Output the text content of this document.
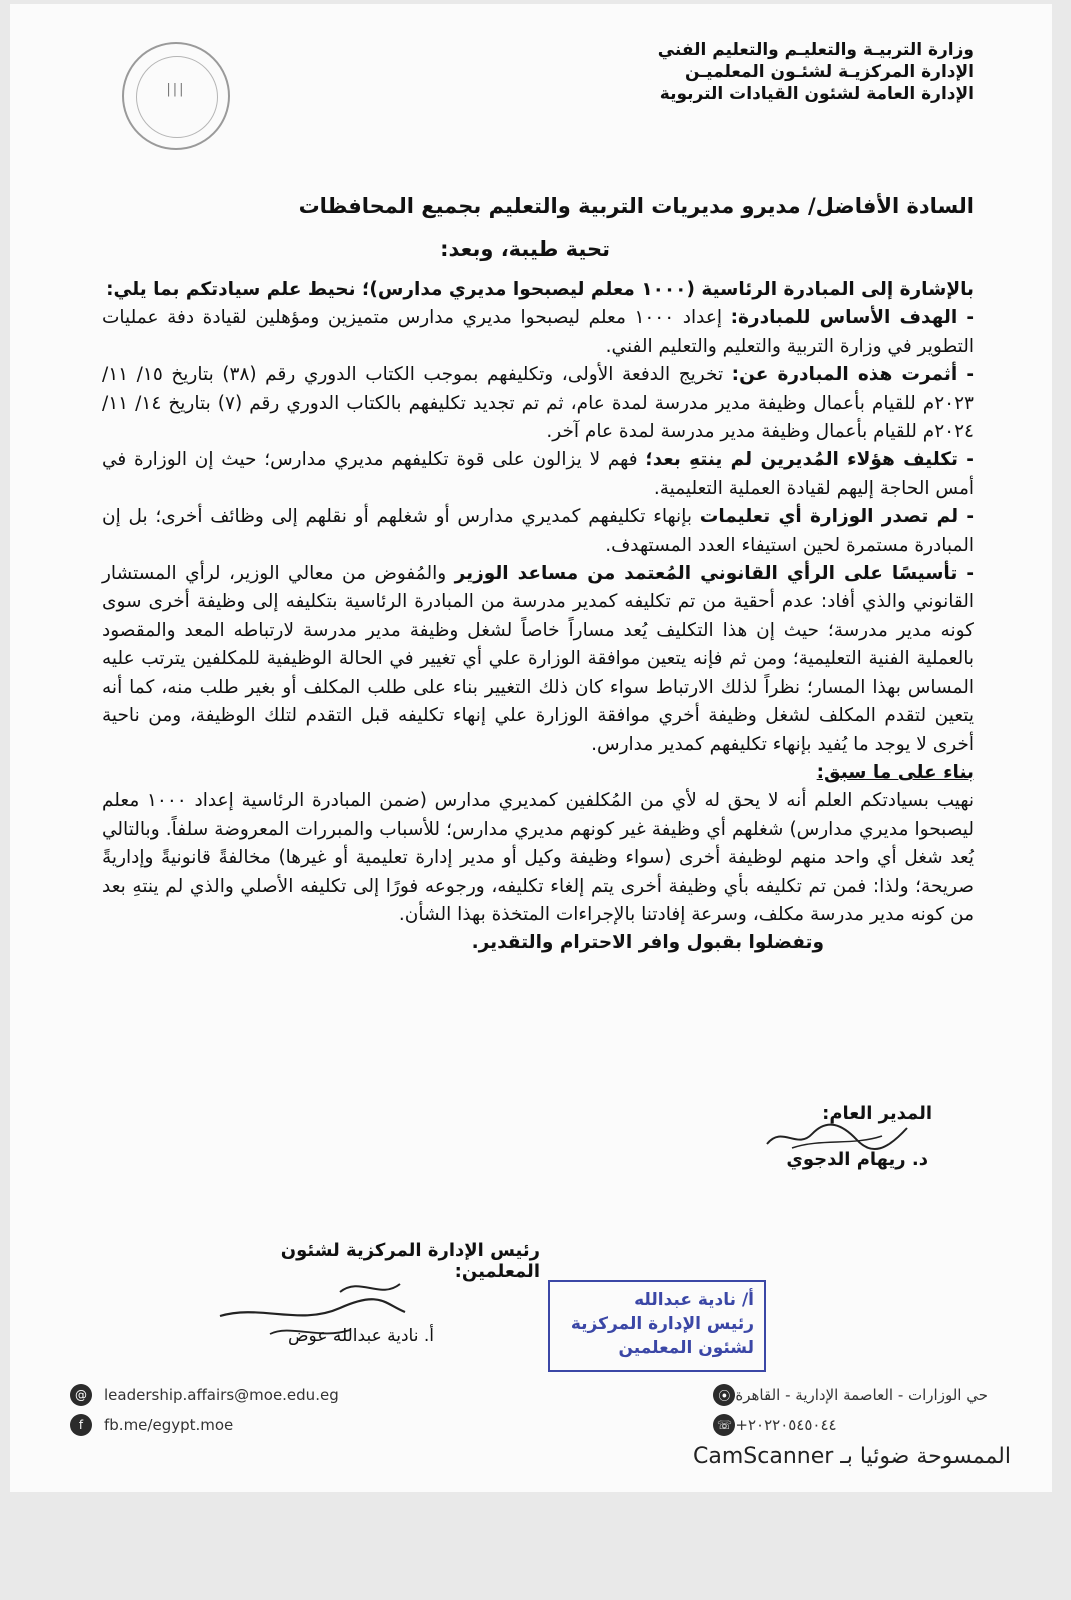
|||
وزارة التربيـة والتعليـم والتعليم الفني
الإدارة المركزيـة لشئـون المعلميـن
الإدارة العامة لشئون القيادات التربوية
السادة الأفاضل/ مديرو مديريات التربية والتعليم بجميع المحافظات
تحية طيبة، وبعد:

بالإشارة إلى المبادرة الرئاسية (١٠٠٠ معلم ليصبحوا مديري مدارس)؛ نحيط علم سيادتكم بما يلي:

- الهدف الأساس للمبادرة: إعداد ١٠٠٠ معلم ليصبحوا مديري مدارس متميزين ومؤهلين لقيادة دفة عمليات التطوير في وزارة التربية والتعليم والتعليم الفني.

- أثمرت هذه المبادرة عن: تخريج الدفعة الأولى، وتكليفهم بموجب الكتاب الدوري رقم (٣٨) بتاريخ ١٥/ ١١/ ٢٠٢٣م للقيام بأعمال وظيفة مدير مدرسة لمدة عام، ثم تم تجديد تكليفهم بالكتاب الدوري رقم (٧) بتاريخ ١٤/ ١١/ ٢٠٢٤م للقيام بأعمال وظيفة مدير مدرسة لمدة عام آخر.

- تكليف هؤلاء المُديرين لم ينتهِ بعد؛ فهم لا يزالون على قوة تكليفهم مديري مدارس؛ حيث إن الوزارة في أمس الحاجة إليهم لقيادة العملية التعليمية.

- لم تصدر الوزارة أي تعليمات بإنهاء تكليفهم كمديري مدارس أو شغلهم أو نقلهم إلى وظائف أخرى؛ بل إن المبادرة مستمرة لحين استيفاء العدد المستهدف.

- تأسيسًا على الرأي القانوني المُعتمد من مساعد الوزير والمُفوض من معالي الوزير، لرأي المستشار القانوني والذي أفاد: عدم أحقية من تم تكليفه كمدير مدرسة من المبادرة الرئاسية بتكليفه إلى وظيفة أخرى سوى كونه مدير مدرسة؛ حيث إن هذا التكليف يُعد مساراً خاصاً لشغل وظيفة مدير مدرسة لارتباطه المعد والمقصود بالعملية الفنية التعليمية؛ ومن ثم فإنه يتعين موافقة الوزارة علي أي تغيير في الحالة الوظيفية للمكلفين يترتب عليه المساس بهذا المسار؛ نظراً لذلك الارتباط سواء كان ذلك التغيير بناء على طلب المكلف أو بغير طلب منه، كما أنه يتعين لتقدم المكلف لشغل وظيفة أخري موافقة الوزارة علي إنهاء تكليفه قبل التقدم لتلك الوظيفة، ومن ناحية أخرى لا يوجد ما يُفيد بإنهاء تكليفهم كمدير مدارس.

بناء على ما سبق:

نهيب بسيادتكم العلم أنه لا يحق له لأي من المُكلفين كمديري مدارس (ضمن المبادرة الرئاسية إعداد ١٠٠٠ معلم ليصبحوا مديري مدارس) شغلهم أي وظيفة غير كونهم مديري مدارس؛ للأسباب والمبررات المعروضة سلفاً. وبالتالي يُعد شغل أي واحد منهم لوظيفة أخرى (سواء وظيفة وكيل أو مدير إدارة تعليمية أو غيرها) مخالفةً قانونيةً وإداريةً صريحة؛ ولذا: فمن تم تكليفه بأي وظيفة أخرى يتم إلغاء تكليفه، ورجوعه فورًا إلى تكليفه الأصلي والذي لم ينتهِ بعد من كونه مدير مدرسة مكلف، وسرعة إفادتنا بالإجراءات المتخذة بهذا الشأن.

وتفضلوا بقبول وافر الاحترام والتقدير.

المدير العام:
د. ريهام الدجوي
رئيس الإدارة المركزية لشئون المعلمين:
أ. نادية عبدالله عوض
أ/ نادية عبدالله
رئيس الإدارة المركزية
لشئون المعلمين
@	leadership.affairs@moe.edu.eg
f	fb.me/egypt.moe
⦿ حي الوزارات - العاصمة الإدارية - القاهرة
☏ +٢٠٢٢٠٥٤٥٠٤٤
الممسوحة ضوئيا بـ CamScanner
